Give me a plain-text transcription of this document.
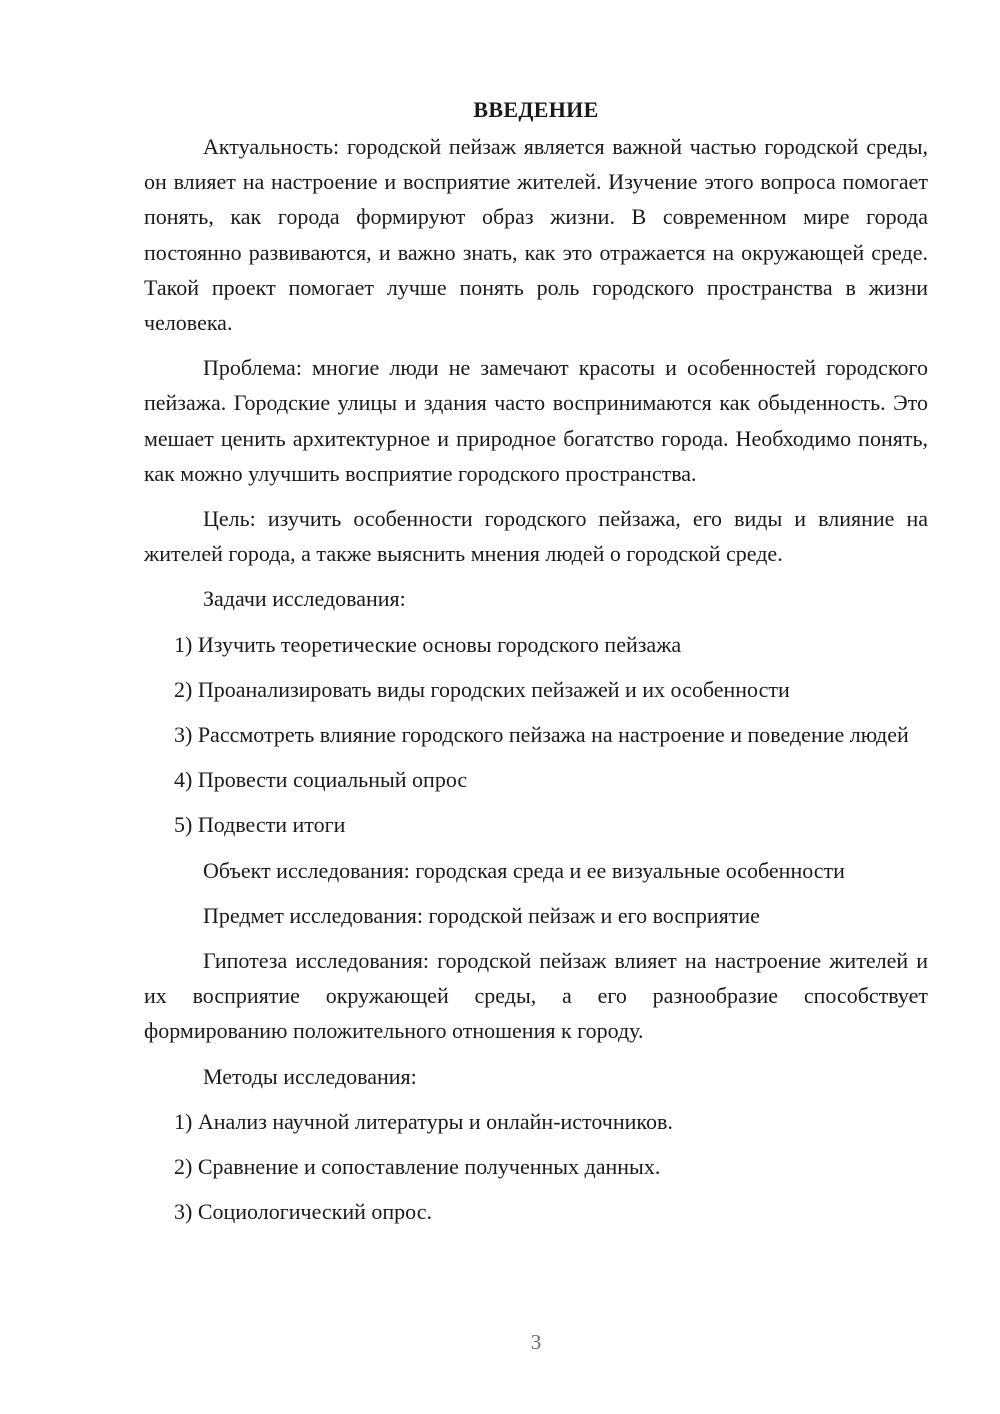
ВВЕДЕНИЕ

Актуальность: городской пейзаж является важной частью городской среды, он влияет на настроение и восприятие жителей. Изучение этого вопроса помогает понять, как города формируют образ жизни. В современном мире города постоянно развиваются, и важно знать, как это отражается на окружающей среде. Такой проект помогает лучше понять роль городского пространства в жизни человека.

Проблема: многие люди не замечают красоты и особенностей городского пейзажа. Городские улицы и здания часто воспринимаются как обыденность. Это мешает ценить архитектурное и природное богатство города. Необходимо понять, как можно улучшить восприятие городского пространства.

Цель: изучить особенности городского пейзажа, его виды и влияние на жителей города, а также выяснить мнения людей о городской среде.

Задачи исследования:

1) Изучить теоретические основы городского пейзажа

2) Проанализировать виды городских пейзажей и их особенности

3) Рассмотреть влияние городского пейзажа на настроение и поведение людей

4) Провести социальный опрос

5) Подвести итоги

Объект исследования: городская среда и ее визуальные особенности

Предмет исследования: городской пейзаж и его восприятие

Гипотеза исследования: городской пейзаж влияет на настроение жителей и их восприятие окружающей среды, а его разнообразие способствует формированию положительного отношения к городу.

Методы исследования:

1) Анализ научной литературы и онлайн-источников.

2) Сравнение и сопоставление полученных данных.

3) Социологический опрос.

3
